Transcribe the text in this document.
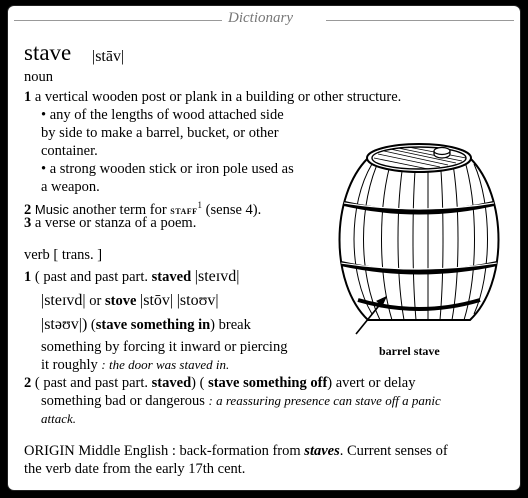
Dictionary
stave |stāv|
noun
1 a vertical wooden post or plank in a building or other structure.
• any of the lengths of wood attached side
by side to make a barrel, bucket, or other
container.
• a strong wooden stick or iron pole used as
a weapon.
2 Music another term for staff$^1$ (sense 4).
3 a verse or stanza of a poem.
verb [ trans. ]
1 ( past and past part. staved |steɪvd|
|steɪvd| or stove |stōv| |stoʊv|
|stəʊv|) (stave something in) break
something by forcing it inward or piercing
it roughly : the door was staved in.
2 ( past and past part. staved) ( stave something off) avert or delay
something bad or dangerous : a reassuring presence can stave off a panic
attack.
ORIGIN Middle English : back-formation from staves. Current senses of
the verb date from the early 17th cent.
barrel stave
